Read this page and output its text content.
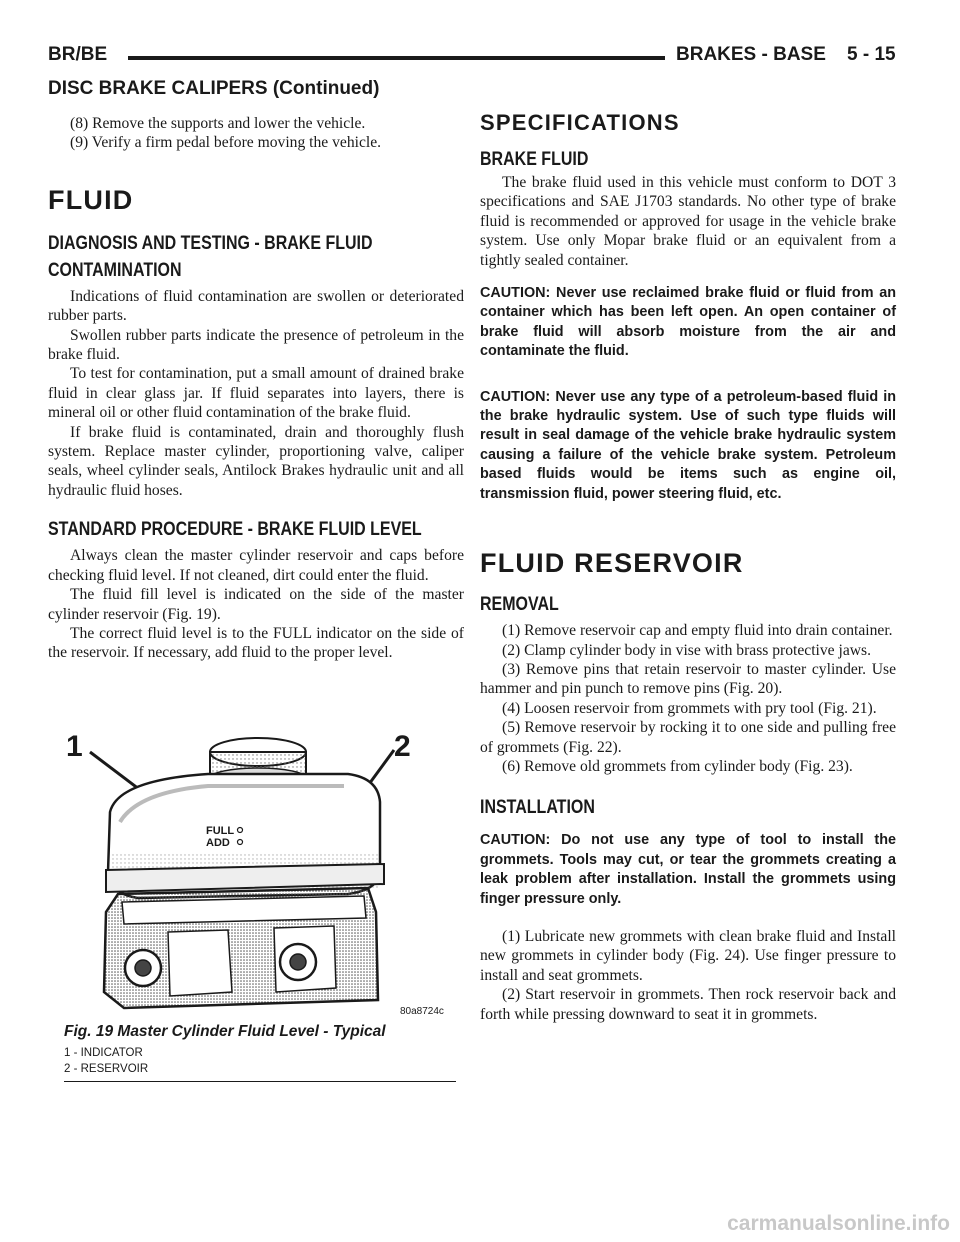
BR/BE	BRAKES - BASE    5 - 15
DISC BRAKE CALIPERS (Continued)

(8) Remove the supports and lower the vehicle.

(9) Verify a firm pedal before moving the vehicle.

FLUID
DIAGNOSIS AND TESTING - BRAKE FLUID CONTAMINATION

Indications of fluid contamination are swollen or deteriorated rubber parts.

Swollen rubber parts indicate the presence of petroleum in the brake fluid.

To test for contamination, put a small amount of drained brake fluid in clear glass jar. If fluid separates into layers, there is mineral oil or other fluid contamination of the brake fluid.

If brake fluid is contaminated, drain and thoroughly flush system. Replace master cylinder, proportioning valve, caliper seals, wheel cylinder seals, Antilock Brakes hydraulic unit and all hydraulic fluid hoses.

STANDARD PROCEDURE - BRAKE FLUID LEVEL

Always clean the master cylinder reservoir and caps before checking fluid level. If not cleaned, dirt could enter the fluid.

The fluid fill level is indicated on the side of the master cylinder reservoir (Fig. 19).

The correct fluid level is to the FULL indicator on the side of the reservoir. If necessary, add fluid to the proper level.

1	2
FULL
ADD
80a8724c
Fig. 19 Master Cylinder Fluid Level - Typical
1 - INDICATOR
2 - RESERVOIR
SPECIFICATIONS
BRAKE FLUID

The brake fluid used in this vehicle must conform to DOT 3 specifications and SAE J1703 standards. No other type of brake fluid is recommended or approved for usage in the vehicle brake system. Use only Mopar brake fluid or an equivalent from a tightly sealed container.

CAUTION: Never use reclaimed brake fluid or fluid from an container which has been left open. An open container of brake fluid will absorb moisture from the air and contaminate the fluid.

CAUTION: Never use any type of a petroleum-based fluid in the brake hydraulic system. Use of such type fluids will result in seal damage of the vehicle brake hydraulic system causing a failure of the vehicle brake system. Petroleum based fluids would be items such as engine oil, transmission fluid, power steering fluid, etc.

FLUID RESERVOIR
REMOVAL

(1) Remove reservoir cap and empty fluid into drain container.

(2) Clamp cylinder body in vise with brass protective jaws.

(3) Remove pins that retain reservoir to master cylinder. Use hammer and pin punch to remove pins (Fig. 20).

(4) Loosen reservoir from grommets with pry tool (Fig. 21).

(5) Remove reservoir by rocking it to one side and pulling free of grommets (Fig. 22).

(6) Remove old grommets from cylinder body (Fig. 23).

INSTALLATION

CAUTION: Do not use any type of tool to install the grommets. Tools may cut, or tear the grommets creating a leak problem after installation. Install the grommets using finger pressure only.

(1) Lubricate new grommets with clean brake fluid and Install new grommets in cylinder body (Fig. 24). Use finger pressure to install and seat grommets.

(2) Start reservoir in grommets. Then rock reservoir back and forth while pressing downward to seat it in grommets.

carmanualsonline.info
